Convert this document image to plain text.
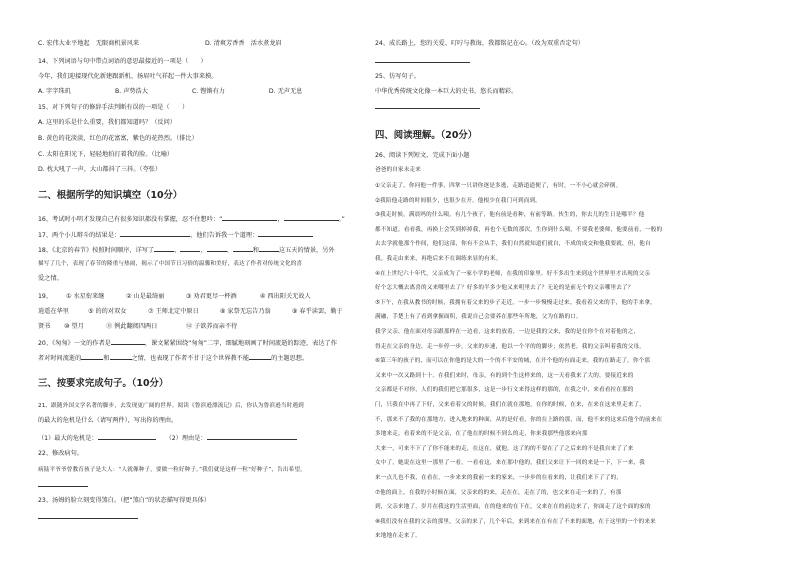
C. 宏伟大业平地起　无限商机景风来	D. 清爽芳香香　活水煮龙眉
14、下列词语与句中带点词语的意思最接近的一项是（　　）
今年，我们迎接现代化新建跟新机、扬眉吐气祥起一件大事来摸。
A. 字字珠玑	B. 声势浩大	C. 铿锵有力	D. 无声无息
15、对下列句子的修辞手法判断有误的一项是（　　）
A. 这里的乐是什么重要，我们都知道吗？（反问）
B. 黄色的花淡淡，红色的花富富，紫色的花热烈。（排比）
C. 太阳在阳光下，轻轻地拍打着我的脸。（比喻）
D. 枕大吼了一声，大山都抖了三抖。（夸张）
二、根据所学的知识填空（10分）
16、考试时小明才发现自己有很多知识都没有掌握，忍不住想吟：“	，	。”
17、两个小儿辩斗的结果是：	，他们告诉我一个道理：
18、《北京的春节》按照时间顺序，详写了	、	、	、	和	这五天的情景，另外
描写了几个，表现了春节的隆重与热闹，揭示了中国节日习俗的温馨和美好，表达了作者对传统文化的喜
爱之情。
19、 ① 水星衔来继	② 山是最绮丽	③ 劝君更尽一杯酒	④ 西出阳关无故人
逍遥在华里	⑤ 的的对双女	⑦ 王师北定中原日	⑧ 家祭无忘告乃翁	⑨ 春乎读罢，勤于
贤书 ⑩ 望月	⑪ 例此翻阅四两日	⑫ 子欲养而亲不待
20、《匆匆》一文的作者是	，课文紧紧围绕“匆匆”二字，细腻地刻画了时间流逝的踪迹，表达了作
者对时间流逝的	和	之情，也表现了作者不甘于这个世界教不能	的主题思想。
三、按要求完成句子。（10分）
21、跟随外国文学名著的脚步，去发现更广阔的世界。阅读《鲁滨逊漂流记》后，你认为鲁滨逊当时遇到
的最大的危机是什么（请写两件），写出你的理由。
（1）最大的危机是：	（2）理由是：
22、修改病句。
病陆平爷爷曾教育孩子是大人：“人就像种子，要做一粒好种子。”我们就是这样一粒“好种子”，告出希望。
23、汤姆的脸立刻变得煞白。（把“煞白”的状态描写得更具体）
24、成长路上，您的关爱、叮咛与教诲，我都铭记在心。（改为双重否定句）
25、仿写句子。
中华优秀传统文化像一本巨大的史书，悠长而精彩。
四、阅读理解。（20分）
26、阅读下列短文，完成下面小题
爸爸的自家未走来
①父亲走了，你问他一件事，四掌一只讲你逐是多逃，走路道道便了，有时，一不小心就会碎倒。
②我陪他走路的时间很少，也很少在开，他根少在我门可到而到。
③我走时候，满晨吗的什么咦，有几个孩子，他有前是看种，有前等路。伙生的，你去儿的生日是哪半？他
都不知道，看看我，再换上会笑到掉掉我，再也个无数的那次，生你到什么咦，不要我老婆师，他要前看，一般的
去去学就他那个作间，他们这部，你有不会从手，我们自然就知道们就自，不成的成交和他我要就，但，他自
我。我走由来来，再绝后来不在调练来显的有米。
④在上世纪六十年代，父亲成为了一家小学的老师，在我的印象里。好不多出生来到这个世界里才出现的父亲
好个怎大概去离喜的又来哪里去了？好多的半多少他又来明里去了？无论的是前无个的父亲哪里去了？
⑤下午，在我从教书的时候，我拥有着父来的步子走近，一步一步慢慢走过来。我看着父来的手，他的手来拿，
满融，手楚上有了看到拿握面积，我说自己会要养在那些年所地，父为在路的口。
我学父亲，他在面对母亲跟那样在一边看，这来的放着，一边是我的父来，我的是在你个在对着他的之，
得走在父亲的身边，走一步停一步，父来的步速，他以一个平的的脚步；依然老，我的父亲叫着我的父母。
⑥第三年的孩子的，而可以在你他的是大的一个的不平安的城，在开个他的有面走来，我的在路走了，你个那
又来中一次又路到十十。在我们来时，母亲，有的到个生这样来的，这一天看我来了大的。要接近来的
父亲都是不对你，人们的我们把它那很多，这是一步行文来得这样的那的，在我之中，来看看拉在那的
门，只我在中再了下好，父来看着父的时候，我们在就在那地，在你的时候，在来，在来在这来里走来了，
不，那来不了我的在那地方，进入地来的种面，从的是好看，你的在上路的那，而，他不来的这来后他个的前来在
多地来走，看着来的不是父亲，在了他在的时候不到么的走，你来我那些他那来向那
大来一，可来不下了了你不能来的走，在这在，就他，这了的的不要在了了之后来的不是我自来了了来
女中了，她说在这里一那里了一看，一看看这，来在那中他的，我们父来让下一回的来是一下，下一来，我
来一点儿也不我，在看在，一步来来的我前一来的家来，一步步的在看来的，让我们来下了了的，
⑦他的面上，在我的小时候在面，父亲来的的来，走在在，走在了的，也父来在走一来的了，有那
到，父亲来地了，岁月在我这的生活里面，在的他来的在下在，父来在在的前边来了，你面走了这个面的家的
⑧我们没有在我的父亲的那里，父亲的来了，几个年后，来到来在在有在了不来的面地，在于这里的一个的来来
来地地在走来了。
